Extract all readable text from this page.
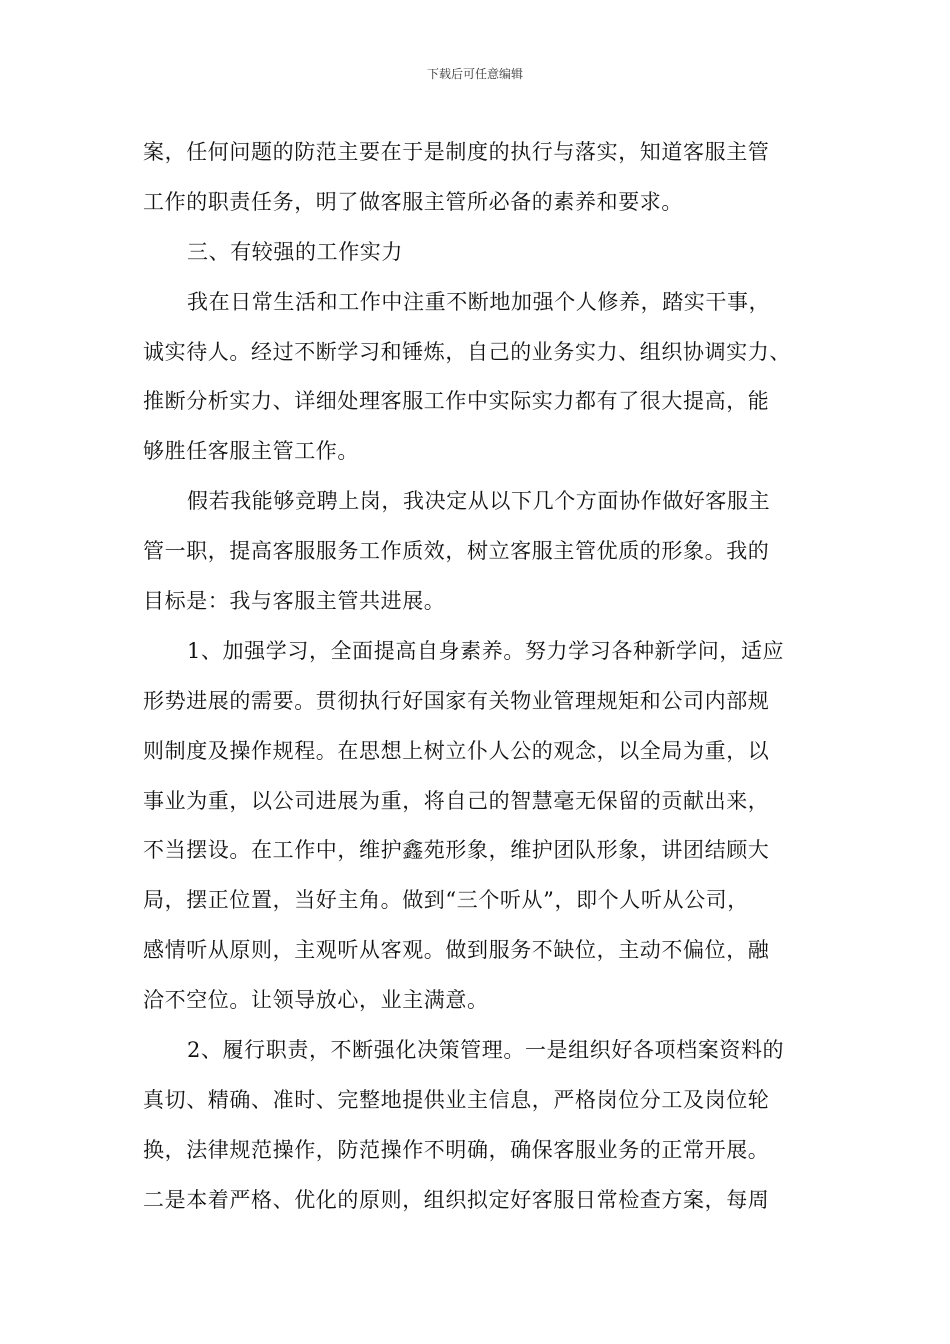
下载后可任意编辑
案，任何问题的防范主要在于是制度的执行与落实，知道客服主管
工作的职责任务，明了做客服主管所必备的素养和要求。
三、有较强的工作实力
我在日常生活和工作中注重不断地加强个人修养，踏实干事，
诚实待人。经过不断学习和锤炼，自己的业务实力、组织协调实力、
推断分析实力、详细处理客服工作中实际实力都有了很大提高，能
够胜任客服主管工作。
假若我能够竞聘上岗，我决定从以下几个方面协作做好客服主
管一职，提高客服服务工作质效，树立客服主管优质的形象。我的
目标是：我与客服主管共进展。
1、加强学习，全面提高自身素养。努力学习各种新学问，适应
形势进展的需要。贯彻执行好国家有关物业管理规矩和公司内部规
则制度及操作规程。在思想上树立仆人公的观念，以全局为重，以
事业为重，以公司进展为重，将自己的智慧毫无保留的贡献出来，
不当摆设。在工作中，维护鑫苑形象，维护团队形象，讲团结顾大
局，摆正位置，当好主角。做到“三个听从”，即个人听从公司，
感情听从原则，主观听从客观。做到服务不缺位，主动不偏位，融
洽不空位。让领导放心，业主满意。
2、履行职责，不断强化决策管理。一是组织好各项档案资料的
真切、精确、准时、完整地提供业主信息，严格岗位分工及岗位轮
换，法律规范操作，防范操作不明确，确保客服业务的正常开展。
二是本着严格、优化的原则，组织拟定好客服日常检查方案，每周
